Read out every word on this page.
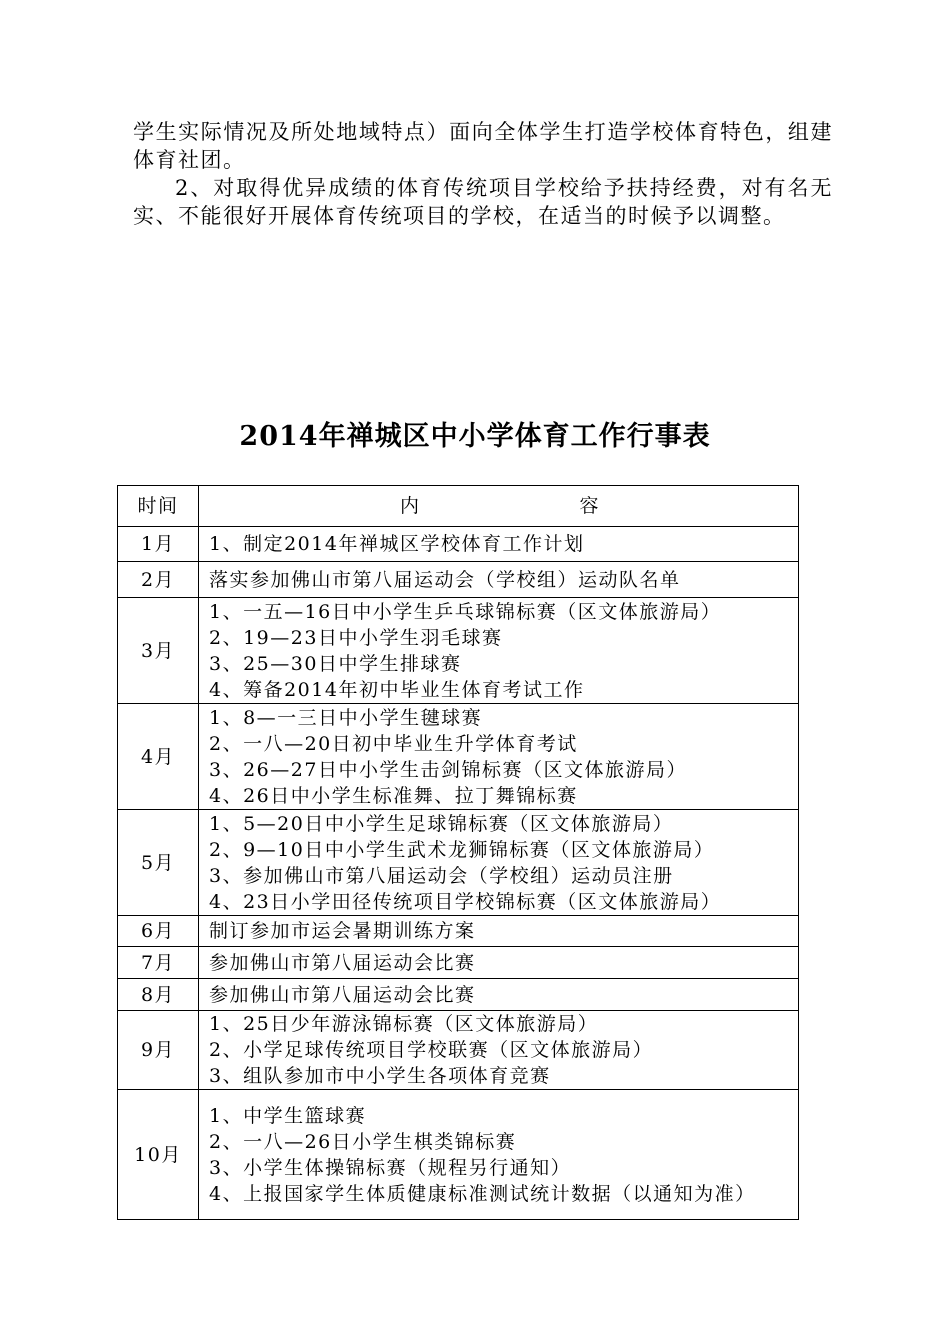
学生实际情况及所处地域特点）面向全体学生打造学校体育特色，组建体育社团。

2、对取得优异成绩的体育传统项目学校给予扶持经费，对有名无实、不能很好开展体育传统项目的学校，在适当的时候予以调整。

2014年禅城区中小学体育工作行事表
时间	内 容

1月	1、制定2014年禅城区学校体育工作计划

2月	落实参加佛山市第八届运动会（学校组）运动队名单

3月	1、一五—16日中小学生乒乓球锦标赛（区文体旅游局）
2、19—23日中小学生羽毛球赛
3、25—30日中学生排球赛
4、筹备2014年初中毕业生体育考试工作

4月	1、8—一三日中小学生毽球赛
2、一八—20日初中毕业生升学体育考试
3、26—27日中小学生击剑锦标赛（区文体旅游局）
4、26日中小学生标准舞、拉丁舞锦标赛

5月	1、5—20日中小学生足球锦标赛（区文体旅游局）
2、9—10日中小学生武术龙狮锦标赛（区文体旅游局）
3、参加佛山市第八届运动会（学校组）运动员注册
4、23日小学田径传统项目学校锦标赛（区文体旅游局）

6月	制订参加市运会暑期训练方案

7月	参加佛山市第八届运动会比赛

8月	参加佛山市第八届运动会比赛

9月	1、25日少年游泳锦标赛（区文体旅游局）
2、小学足球传统项目学校联赛（区文体旅游局）
3、组队参加市中小学生各项体育竞赛

10月	1、中学生篮球赛
2、一八—26日小学生棋类锦标赛
3、小学生体操锦标赛（规程另行通知）
4、上报国家学生体质健康标准测试统计数据（以通知为准）
